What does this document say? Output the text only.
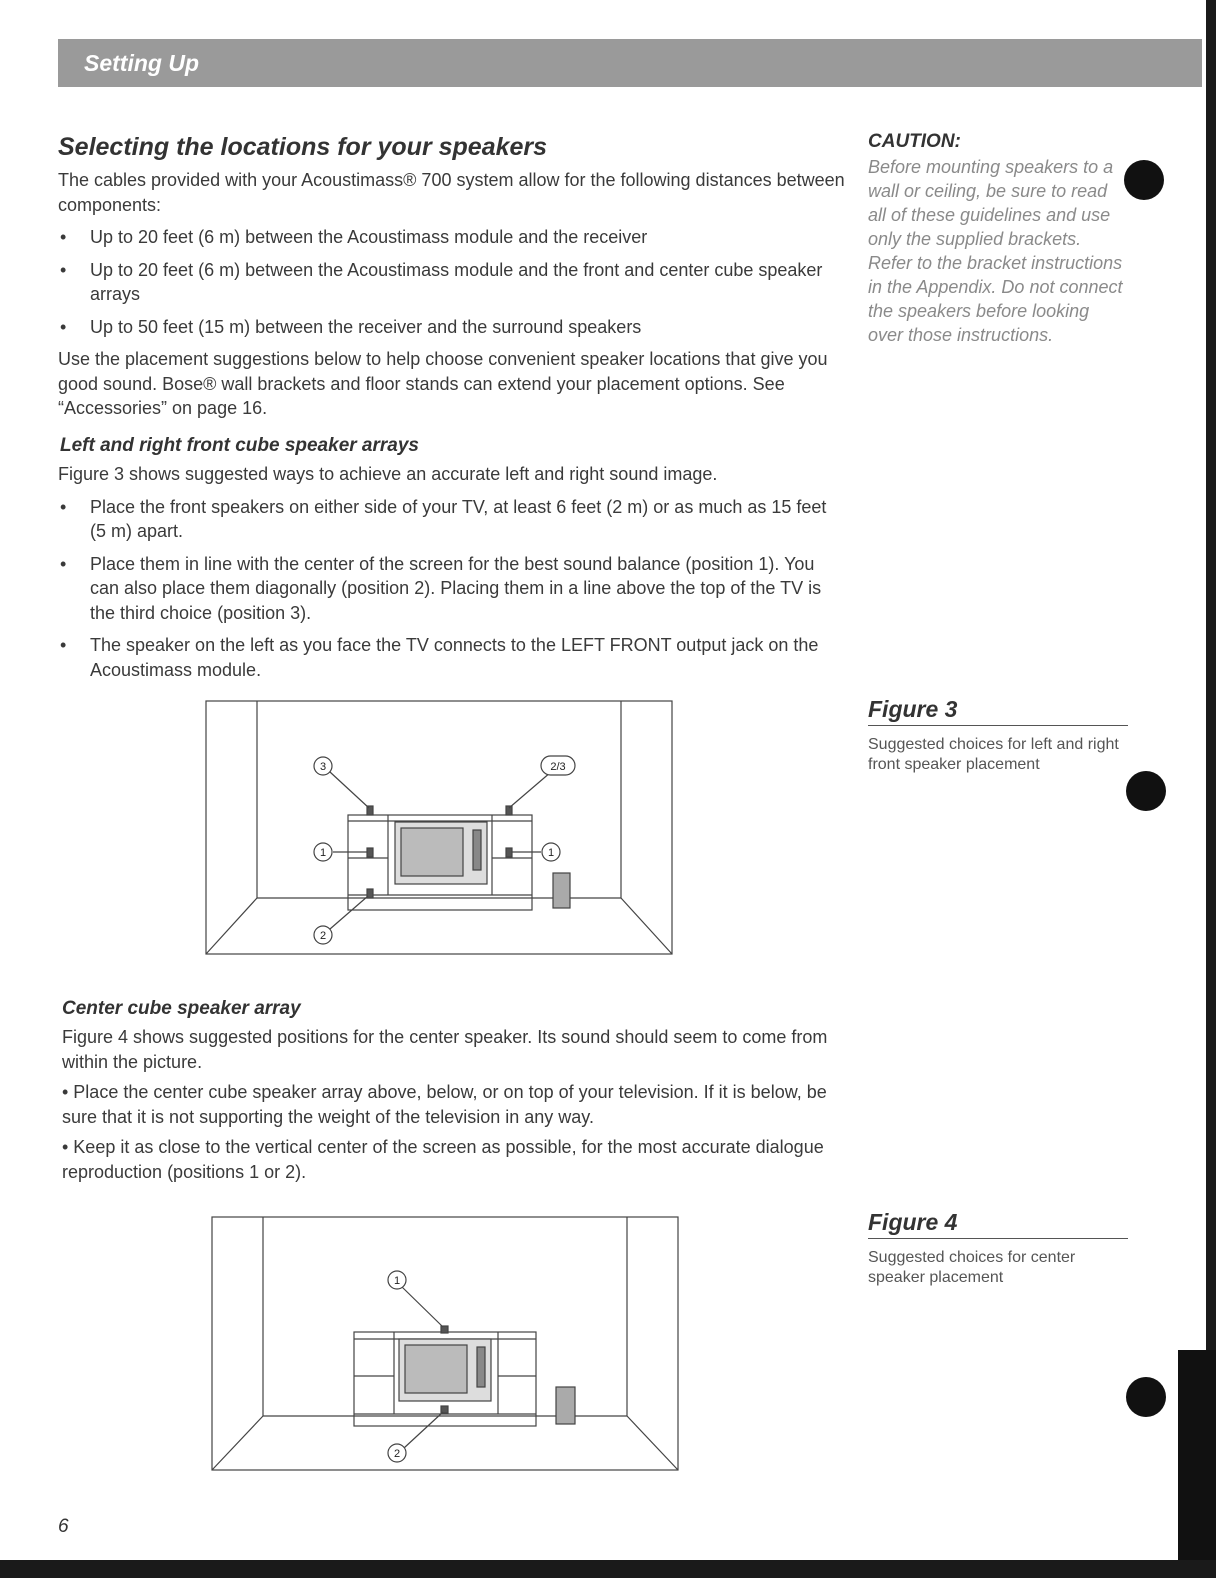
Setting Up
Selecting the locations for your speakers

The cables provided with your Acoustimass® 700 system allow for the following distances between components:

• Up to 20 feet (6 m) between the Acoustimass module and the receiver
• Up to 20 feet (6 m) between the Acoustimass module and the front and center cube speaker arrays
• Up to 50 feet (15 m) between the receiver and the surround speakers

Use the placement suggestions below to help choose convenient speaker locations that give you good sound. Bose® wall brackets and floor stands can extend your placement options. See “Accessories” on page 16.

Left and right front cube speaker arrays

Figure 3 shows suggested ways to achieve an accurate left and right sound image.

• Place the front speakers on either side of your TV, at least 6 feet (2 m) or as much as 15 feet (5 m) apart.
• Place them in line with the center of the screen for the best sound balance (position 1). You can also place them diagonally (position 2). Placing them in a line above the top of the TV is the third choice (position 3).
• The speaker on the left as you face the TV connects to the LEFT FRONT output jack on the Acoustimass module.
3	2/3
1	1
2
Center cube speaker array

Figure 4 shows suggested positions for the center speaker. Its sound should seem to come from within the picture.

• Place the center cube speaker array above, below, or on top of your television. If it is below, be sure that it is not supporting the weight of the television in any way.

• Keep it as close to the vertical center of the screen as possible, for the most accurate dialogue reproduction (positions 1 or 2).

1
2
CAUTION:
Before mounting speakers to a wall or ceiling, be sure to read all of these guidelines and use only the supplied brackets. Refer to the bracket instructions in the Appendix. Do not connect the speakers before looking over those instructions.
Figure 3
Suggested choices for left and right front speaker placement
Figure 4
Suggested choices for center speaker placement
6
